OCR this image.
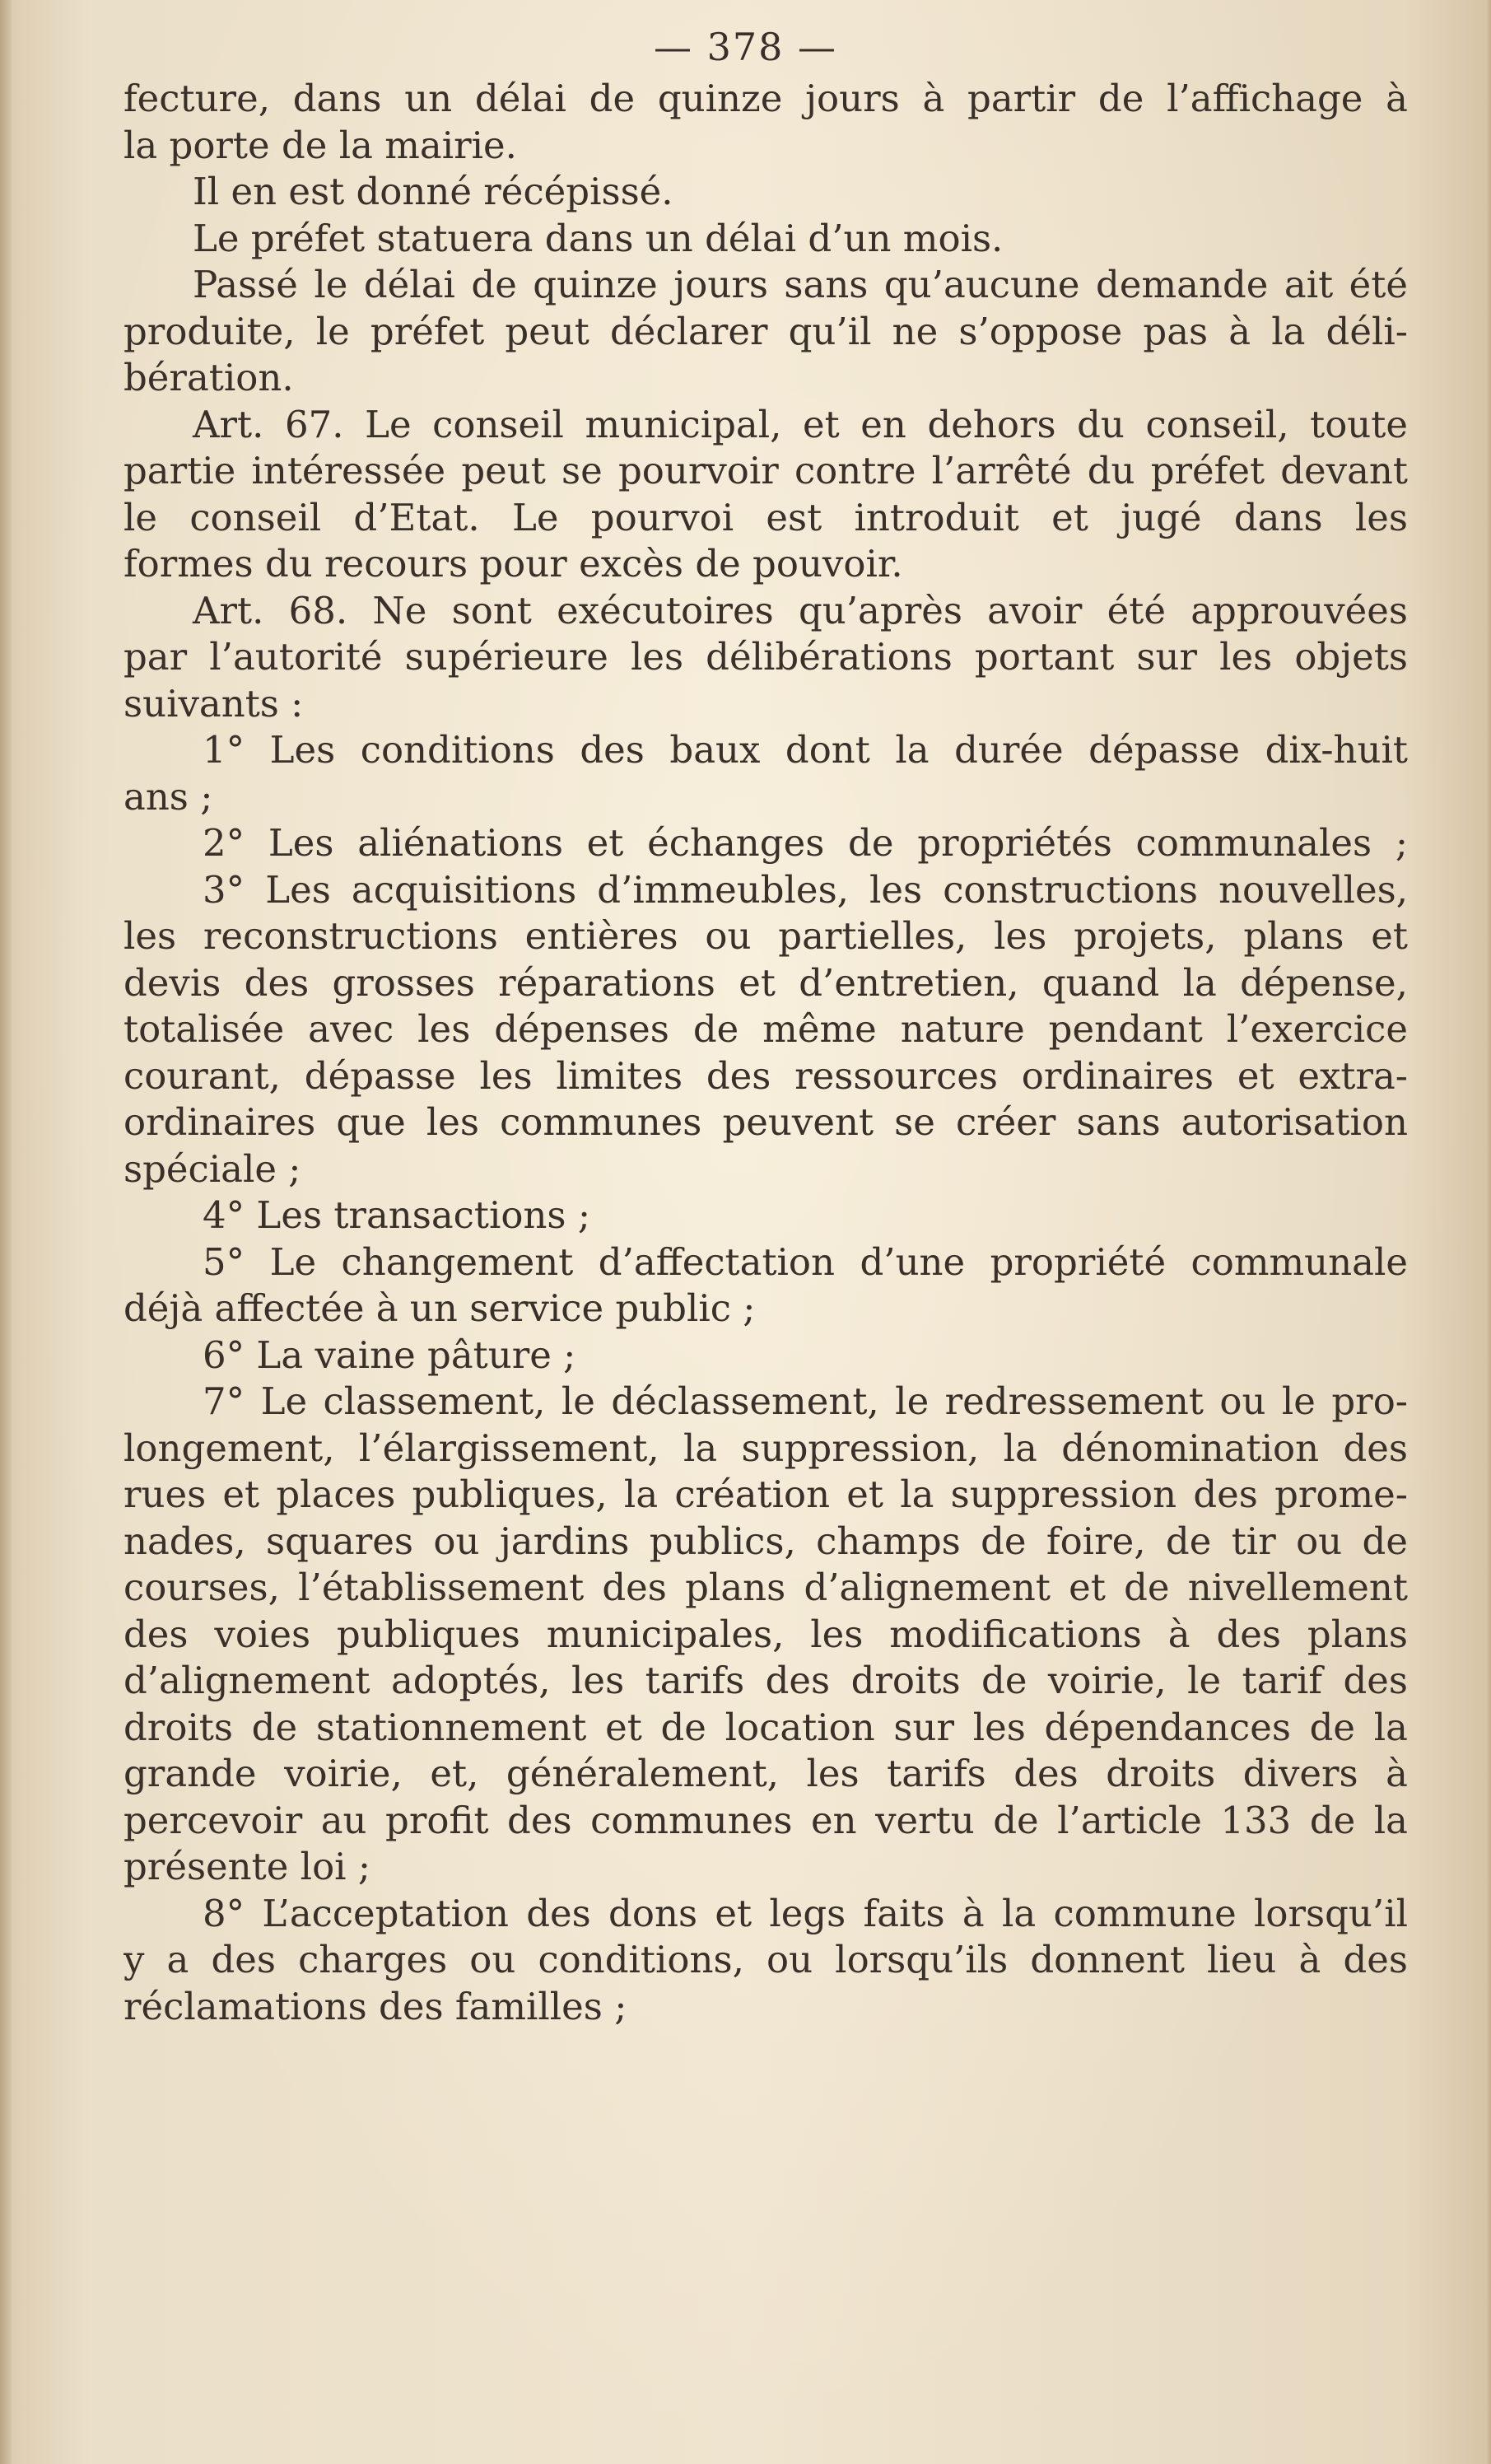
— 378 —
fecture, dans un délai de quinze jours à partir de l’affichage à
la porte de la mairie.
Il en est donné récépissé.
Le préfet statuera dans un délai d’un mois.
Passé le délai de quinze jours sans qu’aucune demande ait été
produite, le préfet peut déclarer qu’il ne s’oppose pas à la déli-
bération.
Art. 67. Le conseil municipal, et en dehors du conseil, toute
partie intéressée peut se pourvoir contre l’arrêté du préfet devant
le conseil d’Etat. Le pourvoi est introduit et jugé dans les
formes du recours pour excès de pouvoir.
Art. 68. Ne sont exécutoires qu’après avoir été approuvées
par l’autorité supérieure les délibérations portant sur les objets
suivants :
1° Les conditions des baux dont la durée dépasse dix-huit
ans ;
2° Les aliénations et échanges de propriétés communales ;
3° Les acquisitions d’immeubles, les constructions nouvelles,
les reconstructions entières ou partielles, les projets, plans et
devis des grosses réparations et d’entretien, quand la dépense,
totalisée avec les dépenses de même nature pendant l’exercice
courant, dépasse les limites des ressources ordinaires et extra-
ordinaires que les communes peuvent se créer sans autorisation
spéciale ;
4° Les transactions ;
5° Le changement d’affectation d’une propriété communale
déjà affectée à un service public ;
6° La vaine pâture ;
7° Le classement, le déclassement, le redressement ou le pro-
longement, l’élargissement, la suppression, la dénomination des
rues et places publiques, la création et la suppression des prome-
nades, squares ou jardins publics, champs de foire, de tir ou de
courses, l’établissement des plans d’alignement et de nivellement
des voies publiques municipales, les modifications à des plans
d’alignement adoptés, les tarifs des droits de voirie, le tarif des
droits de stationnement et de location sur les dépendances de la
grande voirie, et, généralement, les tarifs des droits divers à
percevoir au profit des communes en vertu de l’article 133 de la
présente loi ;
8° L’acceptation des dons et legs faits à la commune lorsqu’il
y a des charges ou conditions, ou lorsqu’ils donnent lieu à des
réclamations des familles ;
